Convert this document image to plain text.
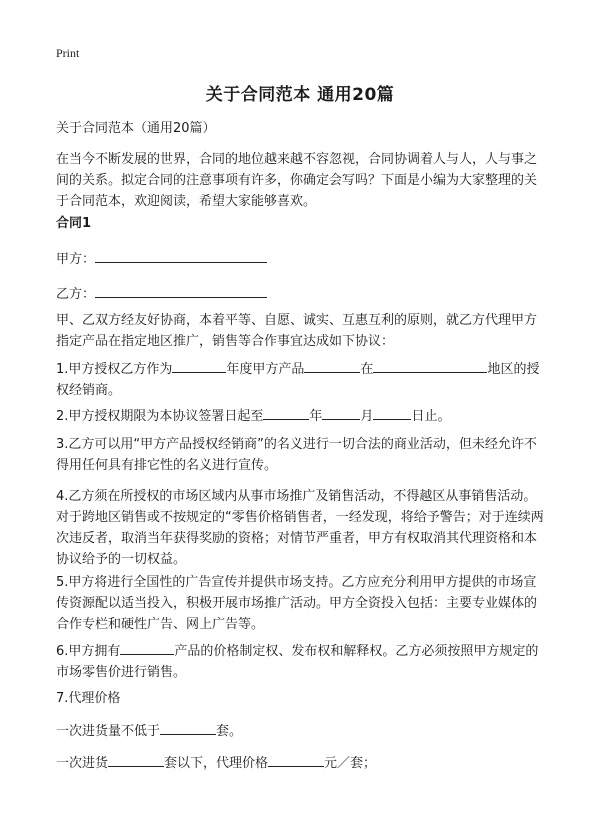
Print
关于合同范本 通用20篇

关于合同范本（通用20篇）

在当今不断发展的世界，合同的地位越来越不容忽视，合同协调着人与人，人与事之间的关系。拟定合同的注意事项有许多，你确定会写吗？下面是小编为大家整理的关于合同范本，欢迎阅读，希望大家能够喜欢。

合同1

甲方：
乙方：

甲、乙双方经友好协商，本着平等、自愿、诚实、互惠互利的原则，就乙方代理甲方指定产品在指定地区推广，销售等合作事宜达成如下协议：

1.甲方授权乙方作为	年度甲方产品	在	地区的授权经销商。
2.甲方授权期限为本协议签署日起至	年	月	日止。

3.乙方可以用“甲方产品授权经销商”的名义进行一切合法的商业活动，但未经允许不得用任何具有排它性的名义进行宣传。

4.乙方须在所授权的市场区域内从事市场推广及销售活动，不得越区从事销售活动。对于跨地区销售或不按规定的“零售价格销售者，一经发现，将给予警告；对于连续两次违反者，取消当年获得奖励的资格；对情节严重者，甲方有权取消其代理资格和本协议给予的一切权益。

5.甲方将进行全国性的广告宣传并提供市场支持。乙方应充分利用甲方提供的市场宣传资源配以适当投入，积极开展市场推广活动。甲方全资投入包括：主要专业媒体的合作专栏和硬性广告、网上广告等。

6.甲方拥有	产品的价格制定权、发布权和解释权。乙方必须按照甲方规定的市场零售价进行销售。

7.代理价格

一次进货量不低于	套。
一次进货	套以下，代理价格	元／套；
